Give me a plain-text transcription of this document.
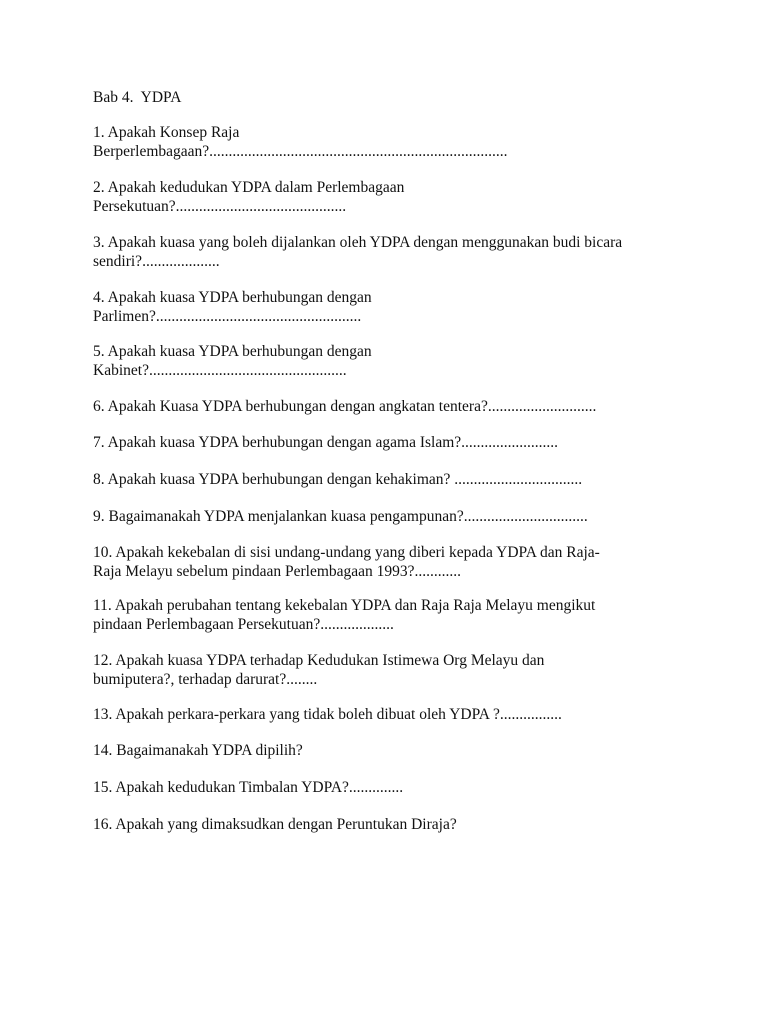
Bab 4.  YDPA
1. Apakah Konsep Raja
Berperlembagaan?.............................................................................
2. Apakah kedudukan YDPA dalam Perlembagaan
Persekutuan?............................................
3. Apakah kuasa yang boleh dijalankan oleh YDPA dengan menggunakan budi bicara
sendiri?....................
4. Apakah kuasa YDPA berhubungan dengan
Parlimen?.....................................................
5. Apakah kuasa YDPA berhubungan dengan
Kabinet?...................................................
6. Apakah Kuasa YDPA berhubungan dengan angkatan tentera?............................
7. Apakah kuasa YDPA berhubungan dengan agama Islam?.........................
8. Apakah kuasa YDPA berhubungan dengan kehakiman? .................................
9. Bagaimanakah YDPA menjalankan kuasa pengampunan?................................
10. Apakah kekebalan di sisi undang-undang yang diberi kepada YDPA dan Raja-
Raja Melayu sebelum pindaan Perlembagaan 1993?............
11. Apakah perubahan tentang kekebalan YDPA dan Raja Raja Melayu mengikut
pindaan Perlembagaan Persekutuan?...................
12. Apakah kuasa YDPA terhadap Kedudukan Istimewa Org Melayu dan
bumiputera?, terhadap darurat?........
13. Apakah perkara-perkara yang tidak boleh dibuat oleh YDPA ?................
14. Bagaimanakah YDPA dipilih?
15. Apakah kedudukan Timbalan YDPA?..............
16. Apakah yang dimaksudkan dengan Peruntukan Diraja?
